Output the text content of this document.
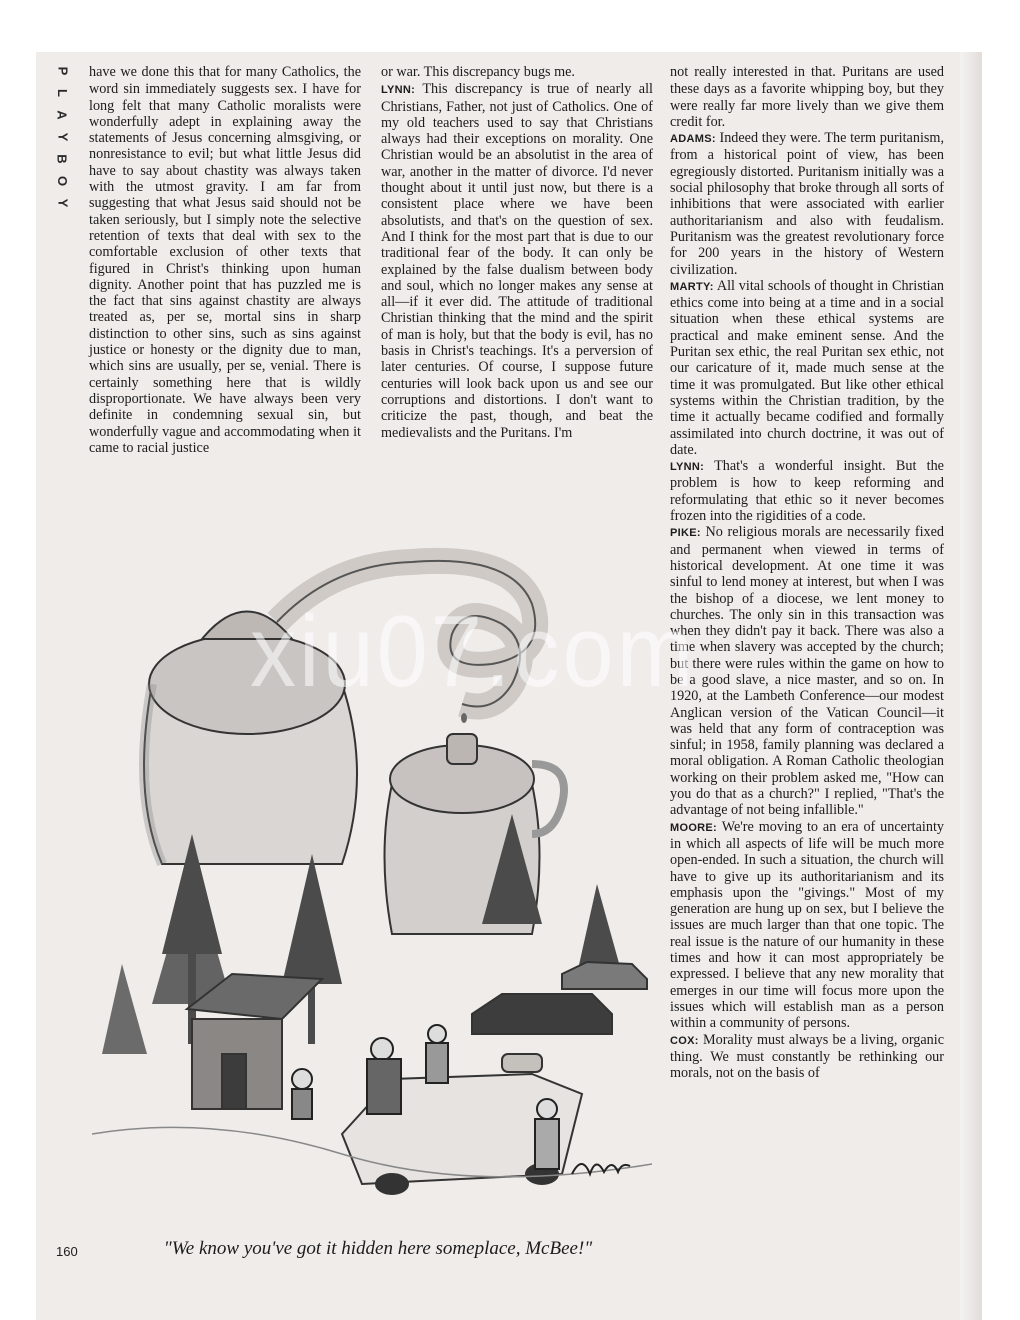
P
L
A
Y
B
O
Y

have we done this that for many Catholics, the word sin immediately suggests sex. I have for long felt that many Catholic moralists were wonderfully adept in explaining away the statements of Jesus concerning almsgiving, or nonresistance to evil; but what little Jesus did have to say about chastity was always taken with the utmost gravity. I am far from suggesting that what Jesus said should not be taken seriously, but I simply note the selective retention of texts that deal with sex to the comfortable exclusion of other texts that figured in Christ's thinking upon human dignity. Another point that has puzzled me is the fact that sins against chastity are always treated as, per se, mortal sins in sharp distinction to other sins, such as sins against justice or honesty or the dignity due to man, which sins are usually, per se, venial. There is certainly something here that is wildly disproportionate. We have always been very definite in condemning sexual sin, but wonderfully vague and accommodating when it came to racial justice

or war. This discrepancy bugs me.

LYNN: This discrepancy is true of nearly all Christians, Father, not just of Catholics. One of my old teachers used to say that Christians always had their exceptions on morality. One Christian would be an absolutist in the area of war, another in the matter of divorce. I'd never thought about it until just now, but there is a consistent place where we have been absolutists, and that's on the question of sex. And I think for the most part that is due to our traditional fear of the body. It can only be explained by the false dualism between body and soul, which no longer makes any sense at all—if it ever did. The attitude of traditional Christian thinking that the mind and the spirit of man is holy, but that the body is evil, has no basis in Christ's teachings. It's a perversion of later centuries. Of course, I suppose future centuries will look back upon us and see our corruptions and distortions. I don't want to criticize the past, though, and beat the medievalists and the Puritans. I'm

not really interested in that. Puritans are used these days as a favorite whipping boy, but they were really far more lively than we give them credit for.

ADAMS: Indeed they were. The term puritanism, from a historical point of view, has been egregiously distorted. Puritanism initially was a social philosophy that broke through all sorts of inhibitions that were associated with earlier authoritarianism and also with feudalism. Puritanism was the greatest revolutionary force for 200 years in the history of Western civilization.

MARTY: All vital schools of thought in Christian ethics come into being at a time and in a social situation when these ethical systems are practical and make eminent sense. And the Puritan sex ethic, the real Puritan sex ethic, not our caricature of it, made much sense at the time it was promulgated. But like other ethical systems within the Christian tradition, by the time it actually became codified and formally assimilated into church doctrine, it was out of date.

LYNN: That's a wonderful insight. But the problem is how to keep reforming and reformulating that ethic so it never becomes frozen into the rigidities of a code.

PIKE: No religious morals are necessarily fixed and permanent when viewed in terms of historical development. At one time it was sinful to lend money at interest, but when I was the bishop of a diocese, we lent money to churches. The only sin in this transaction was when they didn't pay it back. There was also a time when slavery was accepted by the church; but there were rules within the game on how to be a good slave, a nice master, and so on. In 1920, at the Lambeth Conference—our modest Anglican version of the Vatican Council—it was held that any form of contraception was sinful; in 1958, family planning was declared a moral obligation. A Roman Catholic theologian working on their problem asked me, "How can you do that as a church?" I replied, "That's the advantage of not being infallible."

MOORE: We're moving to an era of uncertainty in which all aspects of life will be much more open-ended. In such a situation, the church will have to give up its authoritarianism and its emphasis upon the "givings." Most of my generation are hung up on sex, but I believe the issues are much larger than that one topic. The real issue is the nature of our humanity in these times and how it can most appropriately be expressed. I believe that any new morality that emerges in our time will focus more upon the issues which will establish man as a person within a community of persons.

COX: Morality must always be a living, organic thing. We must constantly be rethinking our morals, not on the basis of

xiu07.com
160	"We know you've got it hidden here someplace, McBee!"
